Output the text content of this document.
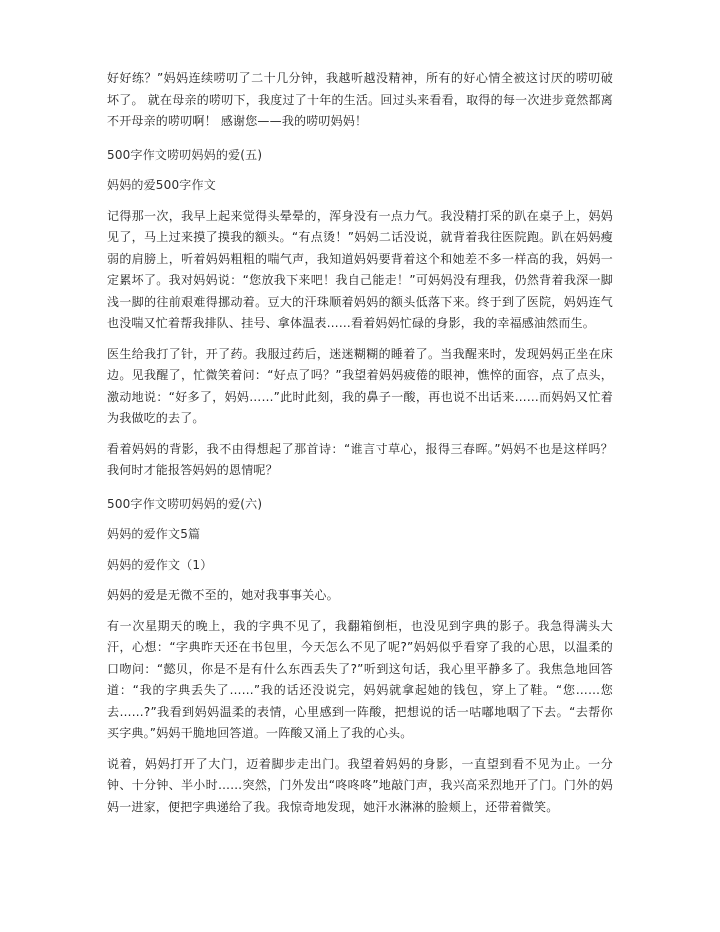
好好练？”妈妈连续唠叨了二十几分钟，我越听越没精神，所有的好心情全被这讨厌的唠叨破坏了。 就在母亲的唠叨下，我度过了十年的生活。回过头来看看，取得的每一次进步竟然都离不开母亲的唠叨啊！ 感谢您——我的唠叨妈妈！

500字作文唠叨妈妈的爱(五)

妈妈的爱500字作文

记得那一次，我早上起来觉得头晕晕的，浑身没有一点力气。我没精打采的趴在桌子上，妈妈见了，马上过来摸了摸我的额头。“有点烫！”妈妈二话没说，就背着我往医院跑。趴在妈妈瘦弱的肩膀上，听着妈妈粗粗的喘气声，我知道妈妈要背着这个和她差不多一样高的我，妈妈一定累坏了。我对妈妈说：“您放我下来吧！我自己能走！”可妈妈没有理我，仍然背着我深一脚浅一脚的往前艰难得挪动着。豆大的汗珠顺着妈妈的额头低落下来。终于到了医院，妈妈连气也没喘又忙着帮我排队、挂号、拿体温表……看着妈妈忙碌的身影，我的幸福感油然而生。

医生给我打了针，开了药。我服过药后，迷迷糊糊的睡着了。当我醒来时，发现妈妈正坐在床边。见我醒了，忙微笑着问：“好点了吗？”我望着妈妈疲倦的眼神，憔悴的面容，点了点头，激动地说：“好多了，妈妈……”此时此刻，我的鼻子一酸，再也说不出话来……而妈妈又忙着为我做吃的去了。

看着妈妈的背影，我不由得想起了那首诗：“谁言寸草心，报得三春晖。”妈妈不也是这样吗？我何时才能报答妈妈的恩情呢？

500字作文唠叨妈妈的爱(六)

妈妈的爱作文5篇

妈妈的爱作文（1）

妈妈的爱是无微不至的，她对我事事关心。

有一次星期天的晚上，我的字典不见了，我翻箱倒柜，也没见到字典的影子。我急得满头大汗，心想：“字典昨天还在书包里，今天怎么不见了呢?”妈妈似乎看穿了我的心思，以温柔的口吻问：“懿贝，你是不是有什么东西丢失了?”听到这句话，我心里平静多了。我焦急地回答道：“我的字典丢失了……”我的话还没说完，妈妈就拿起她的钱包，穿上了鞋。“您……您去……?”我看到妈妈温柔的表情，心里感到一阵酸，把想说的话一咕嘟地咽了下去。“去帮你买字典。”妈妈干脆地回答道。一阵酸又涌上了我的心头。

说着，妈妈打开了大门，迈着脚步走出门。我望着妈妈的身影，一直望到看不见为止。一分钟、十分钟、半小时……突然，门外发出“咚咚咚”地敲门声，我兴高采烈地开了门。门外的妈妈一进家，便把字典递给了我。我惊奇地发现，她汗水淋淋的脸颊上，还带着微笑。
